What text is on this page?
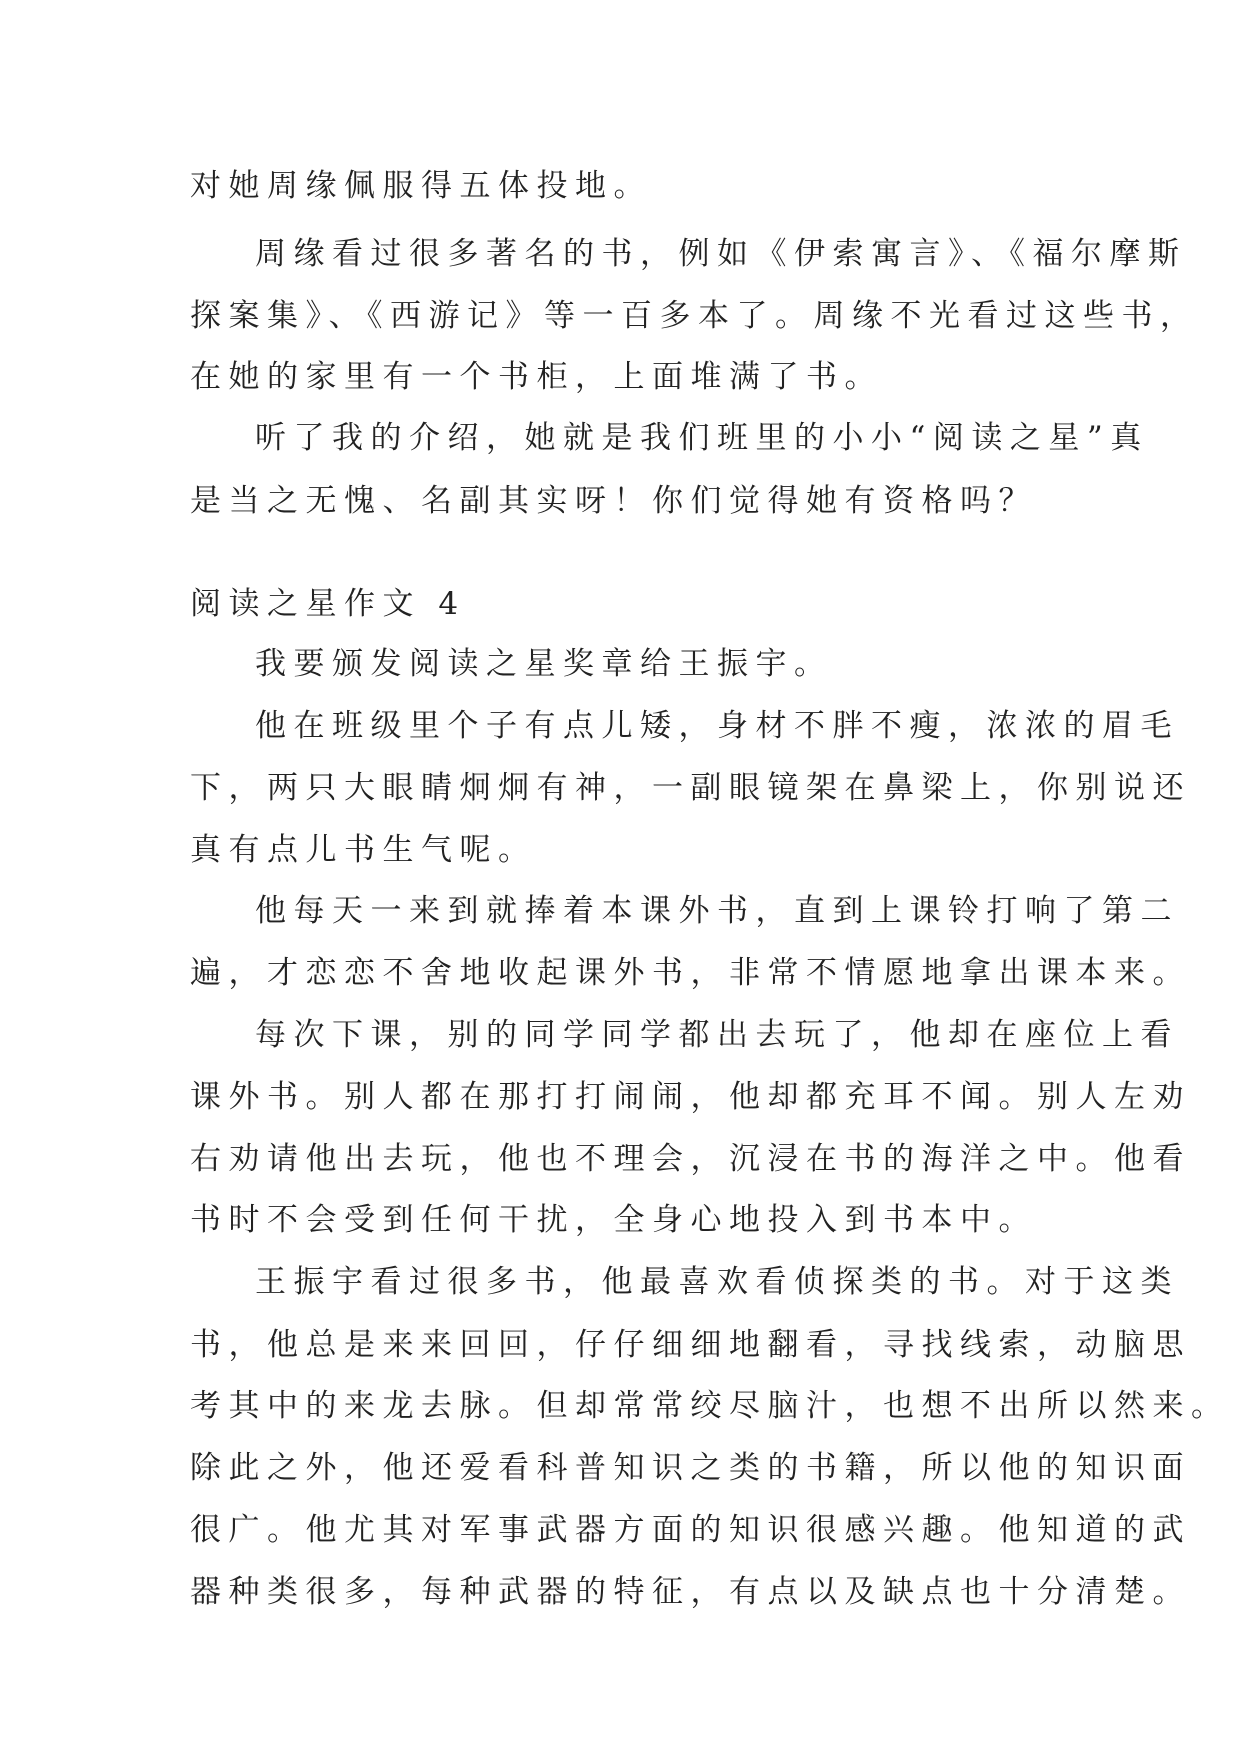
对她周缘佩服得五体投地。
周缘看过很多著名的书，例如《伊索寓言》、《福尔摩斯
探案集》、《西游记》等一百多本了。周缘不光看过这些书，
在她的家里有一个书柜，上面堆满了书。
听了我的介绍，她就是我们班里的小小“阅读之星”真
是当之无愧、名副其实呀！你们觉得她有资格吗？
阅读之星作文 4
我要颁发阅读之星奖章给王振宇。
他在班级里个子有点儿矮，身材不胖不瘦，浓浓的眉毛
下，两只大眼睛炯炯有神，一副眼镜架在鼻梁上，你别说还
真有点儿书生气呢。
他每天一来到就捧着本课外书，直到上课铃打响了第二
遍，才恋恋不舍地收起课外书，非常不情愿地拿出课本来。
每次下课，别的同学同学都出去玩了，他却在座位上看
课外书。别人都在那打打闹闹，他却都充耳不闻。别人左劝
右劝请他出去玩，他也不理会，沉浸在书的海洋之中。他看
书时不会受到任何干扰，全身心地投入到书本中。
王振宇看过很多书，他最喜欢看侦探类的书。对于这类
书，他总是来来回回，仔仔细细地翻看，寻找线索，动脑思
考其中的来龙去脉。但却常常绞尽脑汁，也想不出所以然来。
除此之外，他还爱看科普知识之类的书籍，所以他的知识面
很广。他尤其对军事武器方面的知识很感兴趣。他知道的武
器种类很多，每种武器的特征，有点以及缺点也十分清楚。
